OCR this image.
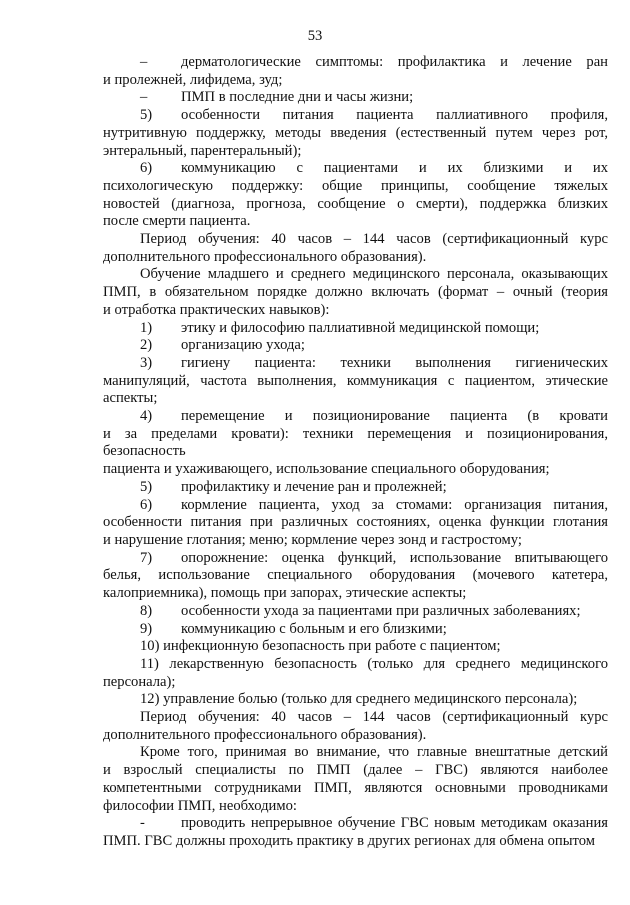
53
–	дерматологические симптомы: профилактика и лечение ран
и пролежней, лифидема, зуд;
–	ПМП в последние дни и часы жизни;
5)	особенности питания пациента паллиативного профиля,
нутритивную поддержку, методы введения (естественный путем через рот,
энтеральный, парентеральный);
6)	коммуникацию с пациентами и их близкими и их
психологическую поддержку: общие принципы, сообщение тяжелых
новостей (диагноза, прогноза, сообщение о смерти), поддержка близких
после смерти пациента.
Период обучения: 40 часов – 144 часов (сертификационный курс
дополнительного профессионального образования).
Обучение младшего и среднего медицинского персонала, оказывающих
ПМП, в обязательном порядке должно включать (формат – очный (теория
и отработка практических навыков):
1)	этику и философию паллиативной медицинской помощи;
2)	организацию ухода;
3)	гигиену пациента: техники выполнения гигиенических
манипуляций, частота выполнения, коммуникация с пациентом, этические
аспекты;
4)	перемещение и позиционирование пациента (в кровати
и за пределами кровати): техники перемещения и позиционирования, безопасность
пациента и ухаживающего, использование специального оборудования;
5)	профилактику и лечение ран и пролежней;
6)	кормление пациента, уход за стомами: организация питания,
особенности питания при различных состояниях, оценка функции глотания
и нарушение глотания; меню; кормление через зонд и гастростому;
7)	опорожнение: оценка функций, использование впитывающего
белья, использование специального оборудования (мочевого катетера,
калоприемника), помощь при запорах, этические аспекты;
8)	особенности ухода за пациентами при различных заболеваниях;
9)	коммуникацию с больным и его близкими;
10) инфекционную безопасность при работе с пациентом;
11) лекарственную безопасность (только для среднего медицинского
персонала);
12) управление болью (только для среднего медицинского персонала);
Период обучения: 40 часов – 144 часов (сертификационный курс
дополнительного профессионального образования).
Кроме того, принимая во внимание, что главные внештатные детский
и взрослый специалисты по ПМП (далее – ГВС) являются наиболее
компетентными сотрудниками ПМП, являются основными проводниками
философии ПМП, необходимо:
-	проводить непрерывное обучение ГВС новым методикам оказания
ПМП. ГВС должны проходить практику в других регионах для обмена опытом
